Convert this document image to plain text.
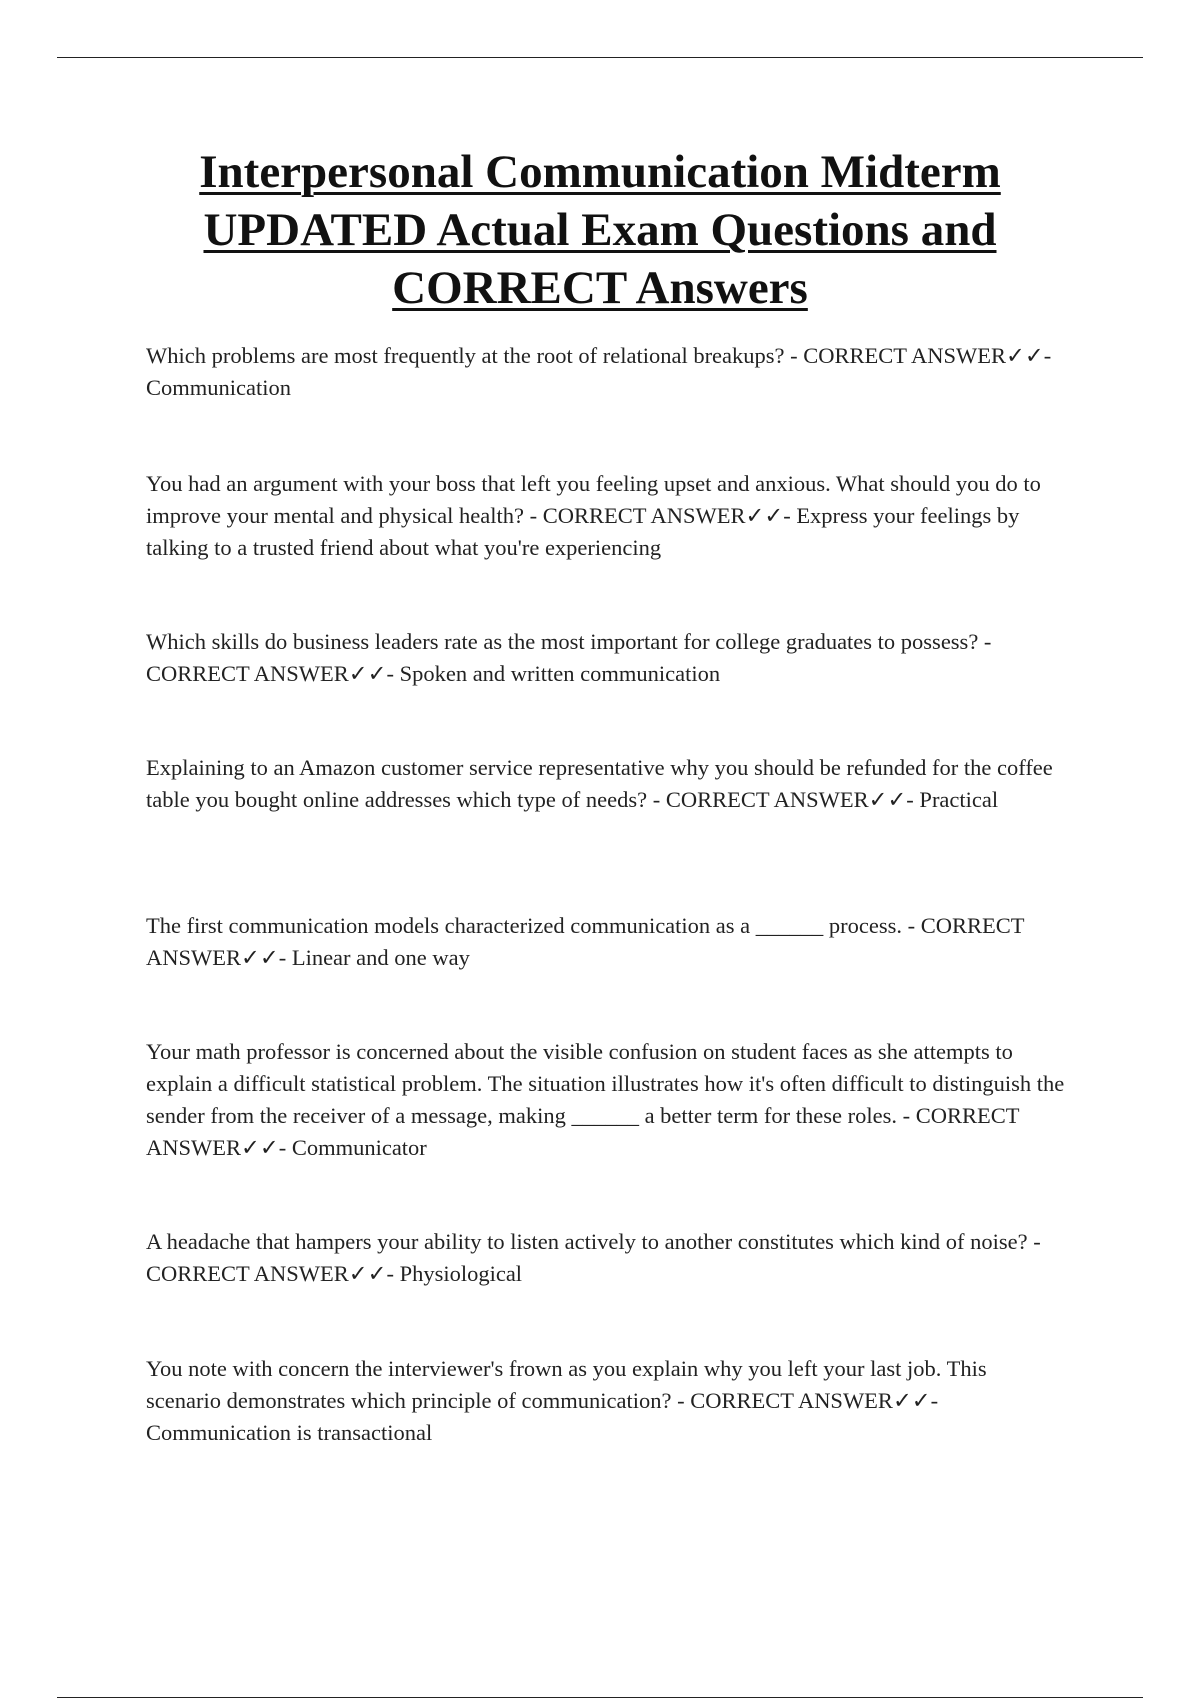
Interpersonal Communication Midterm
UPDATED Actual Exam Questions and
CORRECT Answers

Which problems are most frequently at the root of relational breakups? - CORRECT ANSWER✓✓- Communication

You had an argument with your boss that left you feeling upset and anxious. What should you do to improve your mental and physical health? - CORRECT ANSWER✓✓- Express your feelings by talking to a trusted friend about what you're experiencing

Which skills do business leaders rate as the most important for college graduates to possess? - CORRECT ANSWER✓✓- Spoken and written communication

Explaining to an Amazon customer service representative why you should be refunded for the coffee table you bought online addresses which type of needs? - CORRECT ANSWER✓✓- Practical

The first communication models characterized communication as a ______ process. - CORRECT ANSWER✓✓- Linear and one way

Your math professor is concerned about the visible confusion on student faces as she attempts to explain a difficult statistical problem. The situation illustrates how it's often difficult to distinguish the sender from the receiver of a message, making ______ a better term for these roles. - CORRECT ANSWER✓✓- Communicator

A headache that hampers your ability to listen actively to another constitutes which kind of noise? - CORRECT ANSWER✓✓- Physiological

You note with concern the interviewer's frown as you explain why you left your last job. This scenario demonstrates which principle of communication? - CORRECT ANSWER✓✓- Communication is transactional
